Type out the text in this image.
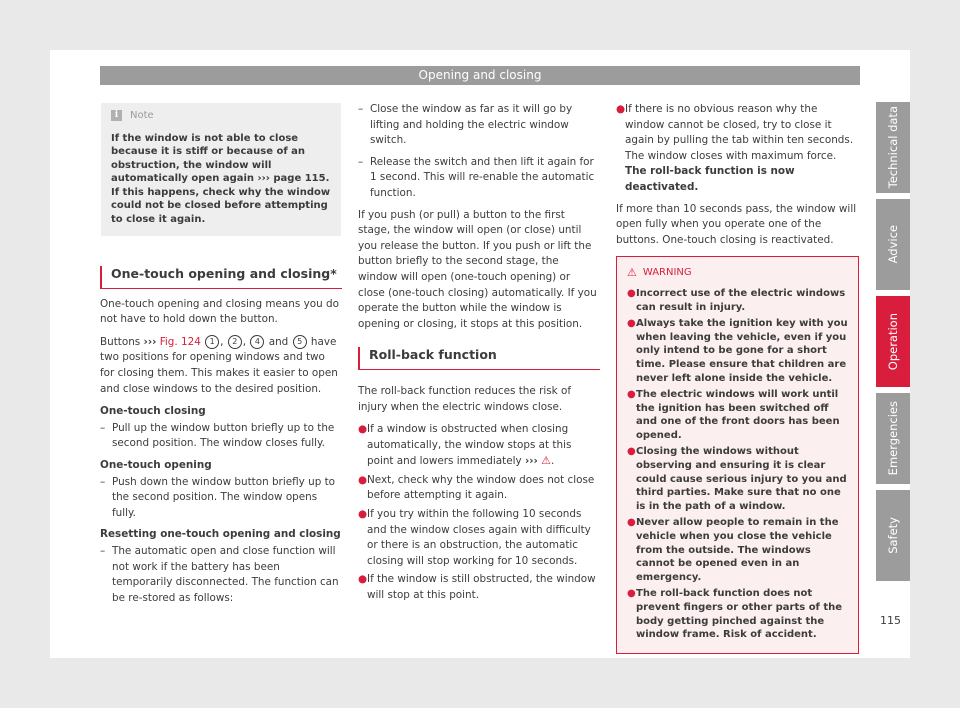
Opening and closing
i	Note
If the window is not able to close because it is stiff or because of an obstruction, the window will automatically open again ››› page 115. If this happens, check why the window could not be closed before attempting to close it again.
One-touch opening and closing*

One-touch opening and closing means you do not have to hold down the button.

Buttons ››› Fig. 124 1 , 2 , 4 and 5 have two positions for opening windows and two for closing them. This makes it easier to open and close windows to the desired position.

One-touch closing
– Pull up the window button briefly up to the second position. The window closes fully.
One-touch opening
– Push down the window button briefly up to the second position. The window opens fully.
Resetting one-touch opening and closing
– The automatic open and close function will not work if the battery has been temporarily disconnected. The function can be re-stored as follows:
– Close the window as far as it will go by lifting and holding the electric window switch.
– Release the switch and then lift it again for 1 second. This will re-enable the automatic function.

If you push (or pull) a button to the first stage, the window will open (or close) until you release the button. If you push or lift the button briefly to the second stage, the window will open (one-touch opening) or close (one-touch closing) automatically. If you operate the button while the window is opening or closing, it stops at this position.

Roll-back function

The roll-back function reduces the risk of injury when the electric windows close.

● If a window is obstructed when closing automatically, the window stops at this point and lowers immediately ››› ⚠.
● Next, check why the window does not close before attempting it again.
● If you try within the following 10 seconds and the window closes again with difficulty or there is an obstruction, the automatic closing will stop working for 10 seconds.
● If the window is still obstructed, the window will stop at this point.
● If there is no obvious reason why the window cannot be closed, try to close it again by pulling the tab within ten seconds. The window closes with maximum force. The roll-back function is now deactivated.

If more than 10 seconds pass, the window will open fully when you operate one of the buttons. One-touch closing is reactivated.

⚠ WARNING
● Incorrect use of the electric windows can result in injury.
● Always take the ignition key with you when leaving the vehicle, even if you only intend to be gone for a short time. Please ensure that children are never left alone inside the vehicle.
● The electric windows will work until the ignition has been switched off and one of the front doors has been opened.
● Closing the windows without observing and ensuring it is clear could cause serious injury to you and third parties. Make sure that no one is in the path of a window.
● Never allow people to remain in the vehicle when you close the vehicle from the outside. The windows cannot be opened even in an emergency.
● The roll-back function does not prevent fingers or other parts of the body getting pinched against the window frame. Risk of accident.
Technical data
Advice
Operation
Emergencies
Safety
115
